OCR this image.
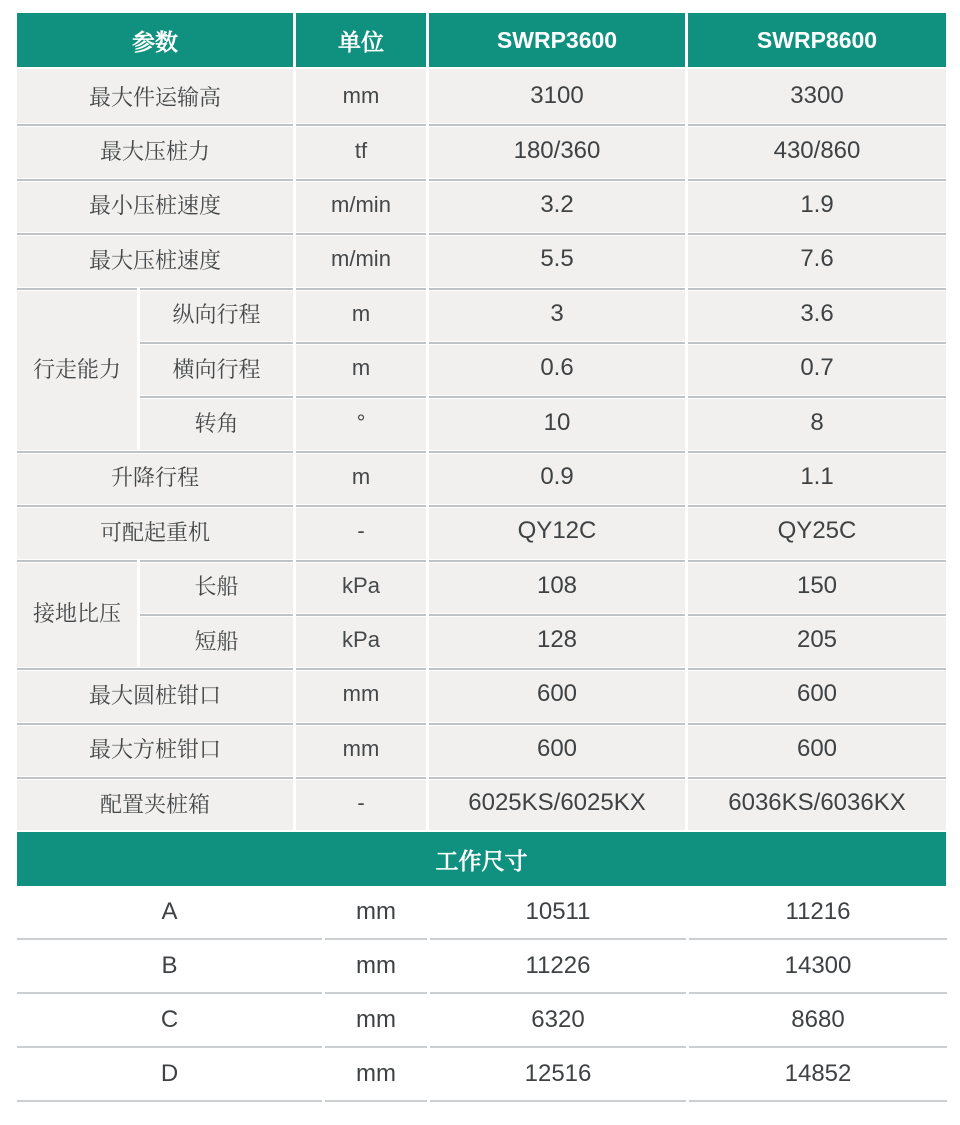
参数	单位	SWRP3600	SWRP8600
最大件运输高	mm	3100	3300
最大压桩力	tf	180/360	430/860
最小压桩速度	m/min	3.2	1.9
最大压桩速度	m/min	5.5	7.6
行走能力
纵向行程	m	3	3.6
横向行程	m	0.6	0.7
转角	°	10	8
升降行程	m	0.9	1.1
可配起重机	-	QY12C	QY25C
接地比压
长船	kPa	108	150
短船	kPa	128	205
最大圆桩钳口	mm	600	600
最大方桩钳口	mm	600	600
配置夹桩箱	-	6025KS/6025KX	6036KS/6036KX
工作尺寸
A	mm	10511	11216
B	mm	11226	14300
C	mm	6320	8680
D	mm	12516	14852
